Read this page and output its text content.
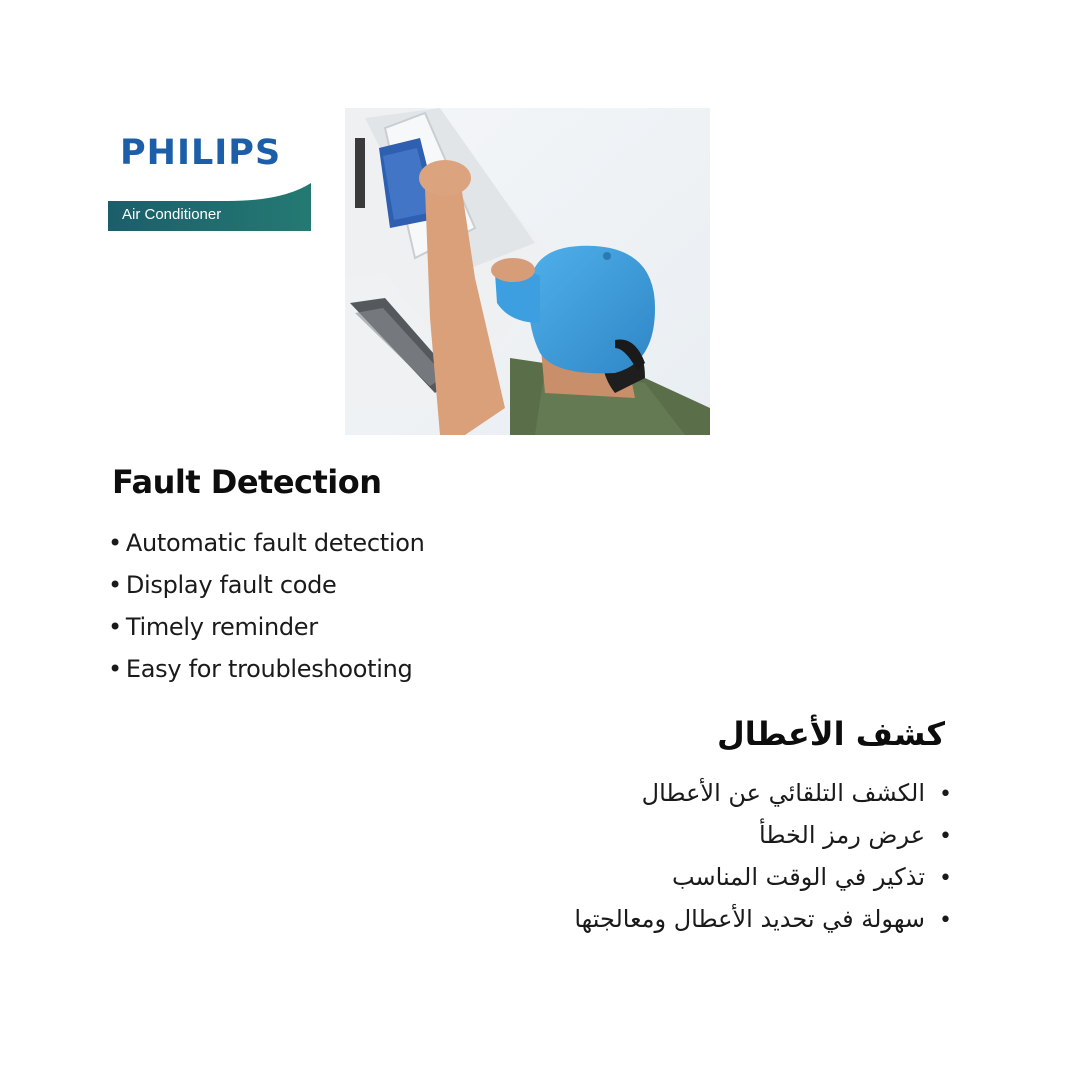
PHILIPS
Air Conditioner
Fault Detection
• Automatic fault detection
• Display fault code
• Timely reminder
• Easy for troubleshooting
كشف الأعطال
•الكشف التلقائي عن الأعطال
•عرض رمز الخطأ
•تذكير في الوقت المناسب
•سهولة في تحديد الأعطال ومعالجتها
